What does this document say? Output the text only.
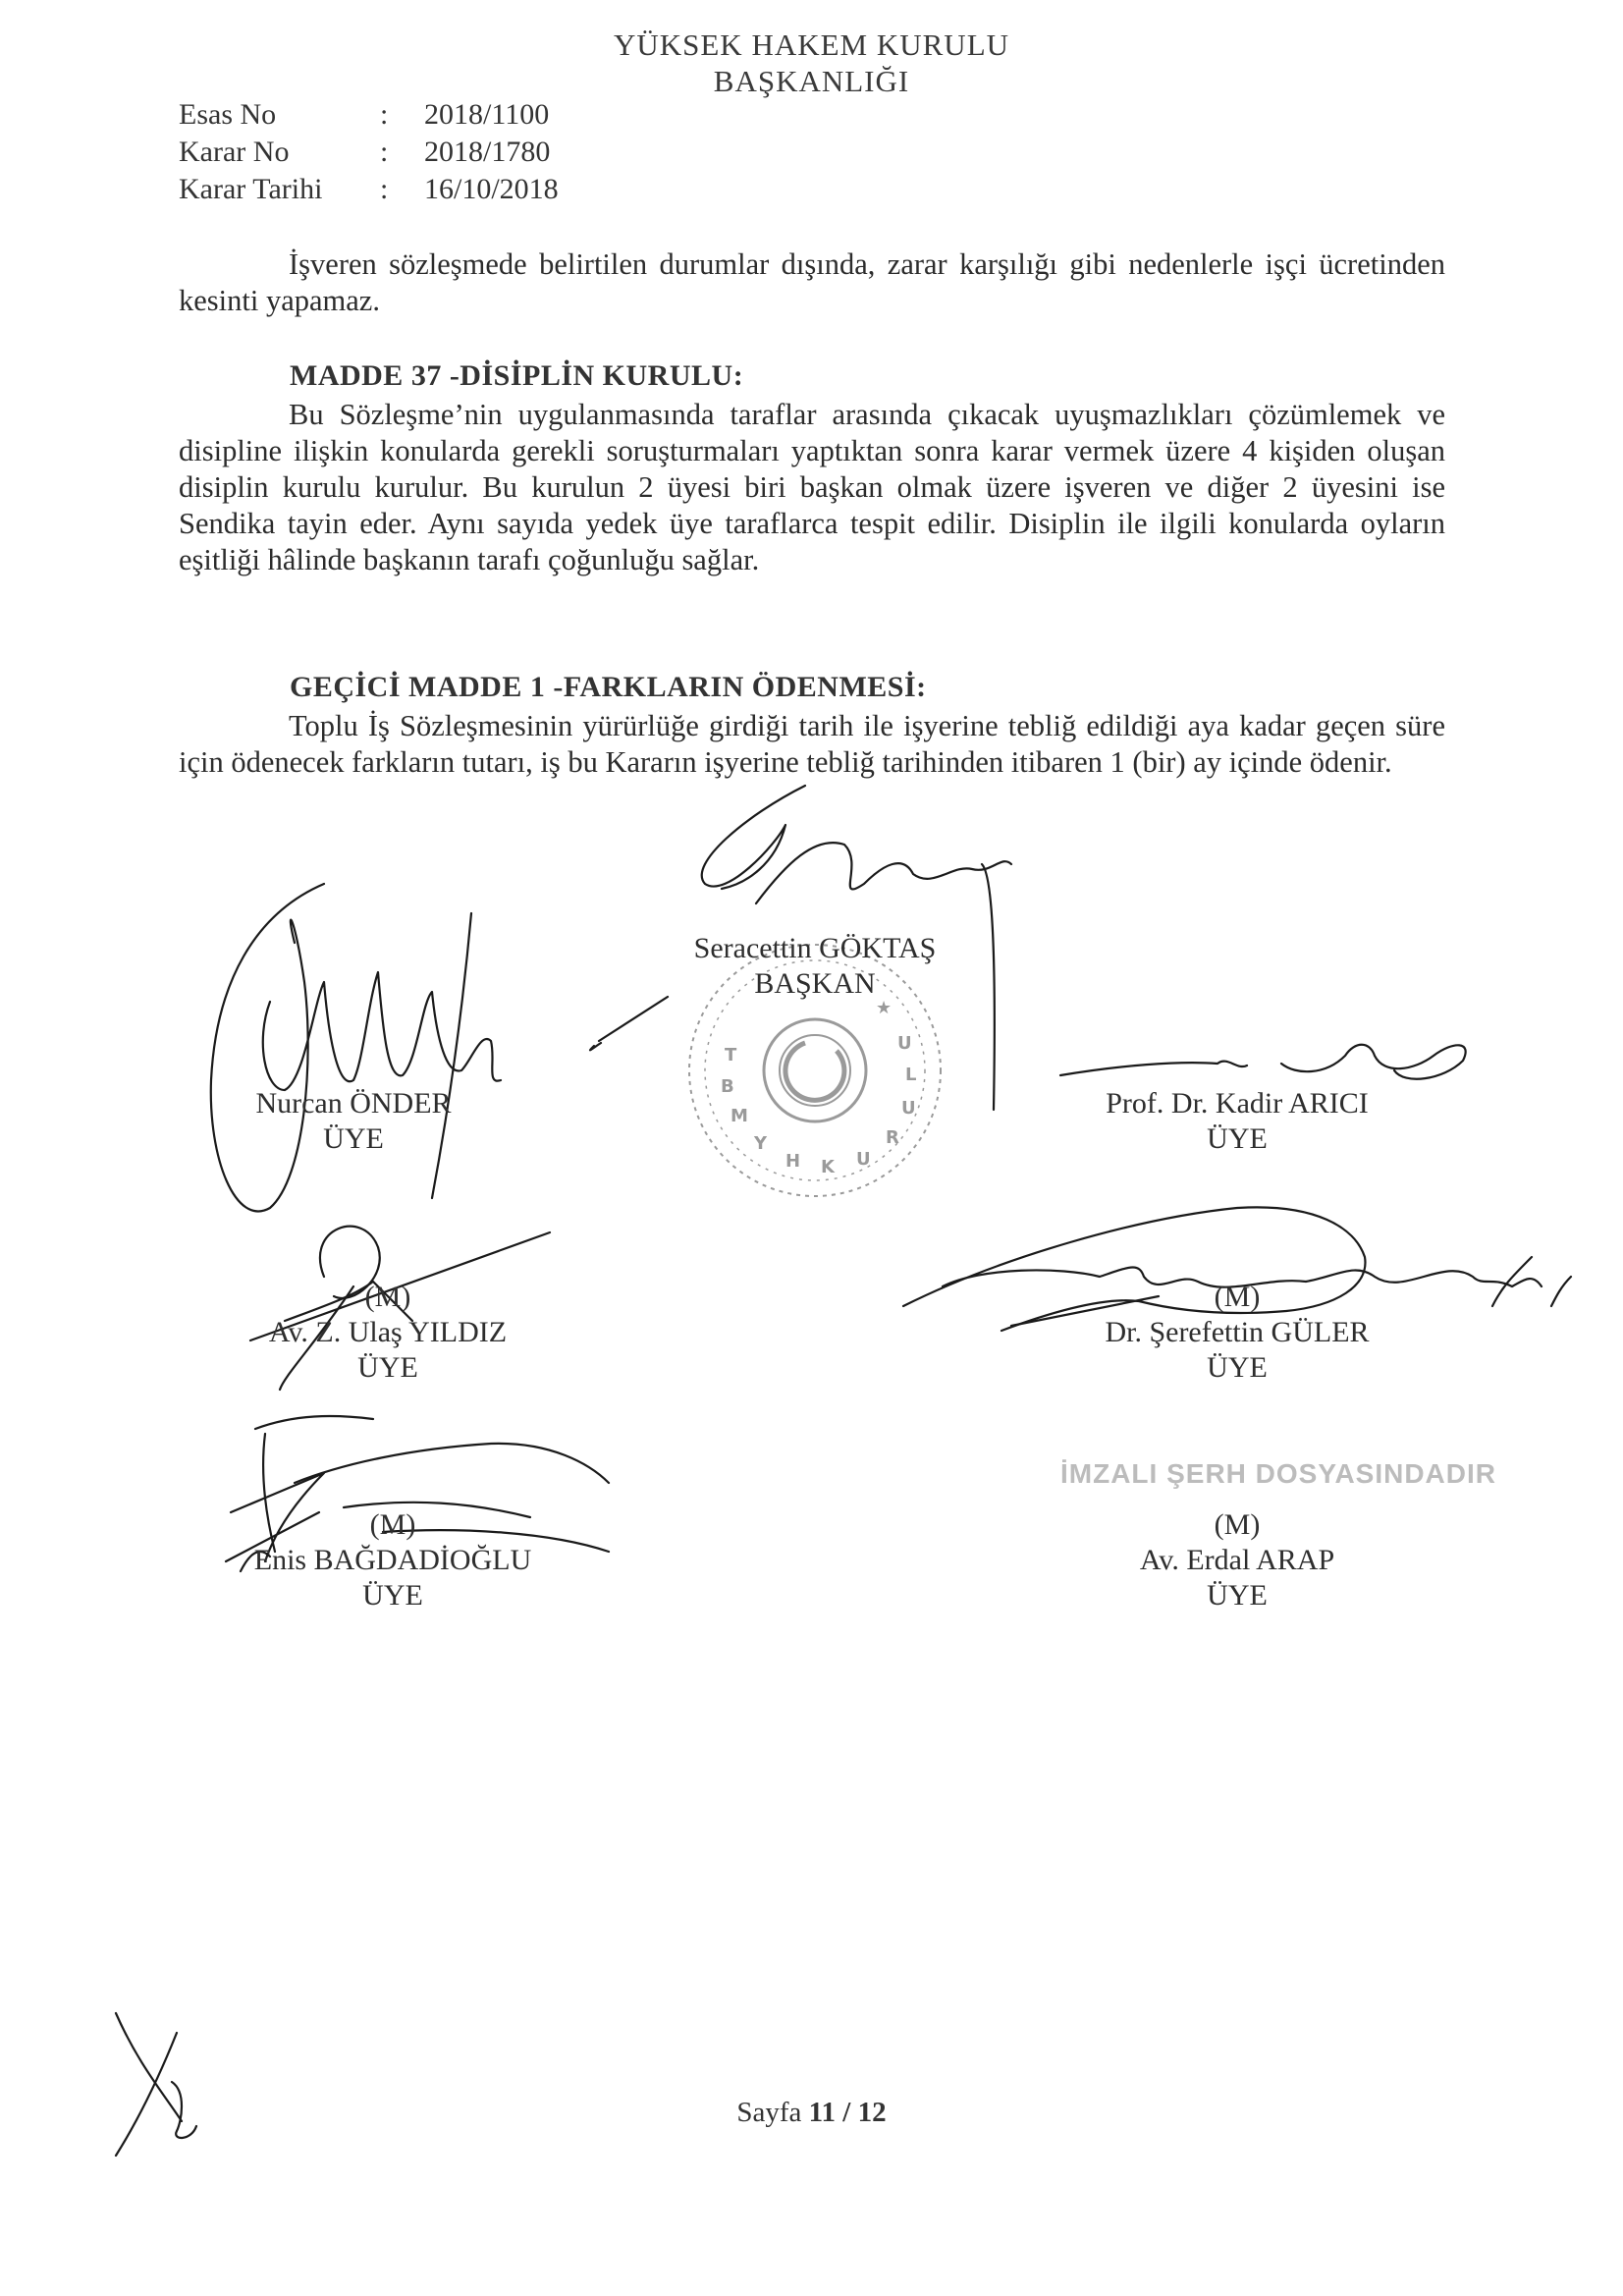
YÜKSEK HAKEM KURULU
BAŞKANLIĞI
Esas No	: 2018/1100
Karar No	: 2018/1780
Karar Tarihi : 16/10/2018

İşveren sözleşmede belirtilen durumlar dışında, zarar karşılığı gibi nedenlerle işçi ücretinden kesinti yapamaz.

MADDE 37 -DİSİPLİN KURULU:

Bu Sözleşme’nin uygulanmasında taraflar arasında çıkacak uyuşmazlıkları çözümlemek ve disipline ilişkin konularda gerekli soruşturmaları yaptıktan sonra karar vermek üzere 4 kişiden oluşan disiplin kurulu kurulur. Bu kurulun 2 üyesi biri başkan olmak üzere işveren ve diğer 2 üyesini ise Sendika tayin eder. Aynı sayıda yedek üye taraflarca tespit edilir. Disiplin ile ilgili konularda oyların eşitliği hâlinde başkanın tarafı çoğunluğu sağlar.

GEÇİCİ MADDE 1 -FARKLARIN ÖDENMESİ:

Toplu İş Sözleşmesinin yürürlüğe girdiği tarih ile işyerine tebliğ edildiği aya kadar geçen süre için ödenecek farkların tutarı, iş bu Kararın işyerine tebliğ tarihinden itibaren 1 (bir) ay içinde ödenir.

T
B
M
Y
H K U
R
U
L
U
★
Seracettin GÖKTAŞ
BAŞKAN
Nurcan ÖNDER
ÜYE
Prof. Dr. Kadir ARICI
ÜYE
(M)
Av. Z. Ulaş YILDIZ
ÜYE
(M)
Dr. Şerefettin GÜLER
ÜYE
(M)
Enis BAĞDADİOĞLU
ÜYE
İMZALI ŞERH DOSYASINDADIR
(M)
Av. Erdal ARAP
ÜYE
Sayfa 11 / 12
